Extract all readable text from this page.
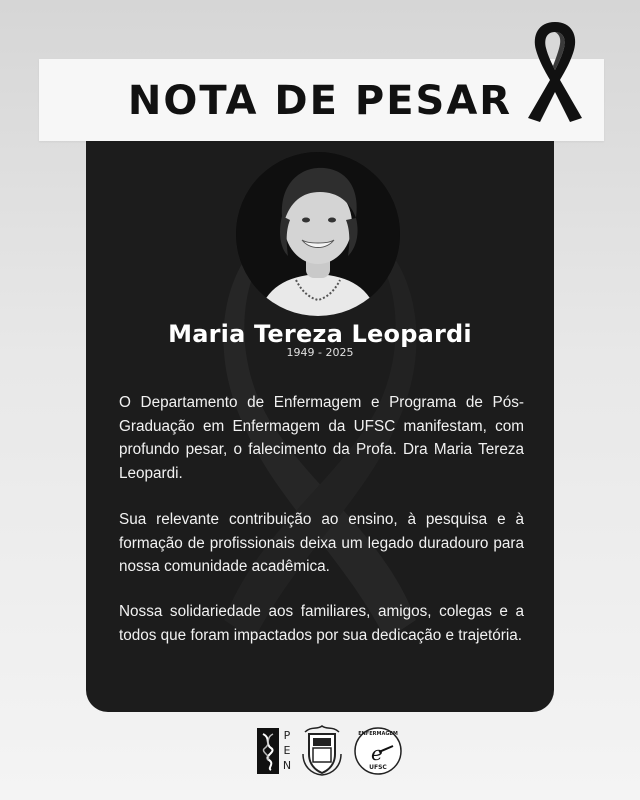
NOTA DE PESAR
Maria Tereza Leopardi
1949 - 2025

O Departamento de Enfermagem e Programa de Pós-Graduação em Enfermagem da UFSC manifestam, com profundo pesar, o falecimento da Profa. Dra Maria Tereza Leopardi.

Sua relevante contribuição ao ensino, à pesquisa e à formação de profissionais deixa um legado duradouro para nossa comunidade acadêmica.

Nossa solidariedade aos familiares, amigos, colegas e a todos que foram impactados por sua dedicação e trajetória.

P
E
N
e
ENFERMAGEM
UFSC
